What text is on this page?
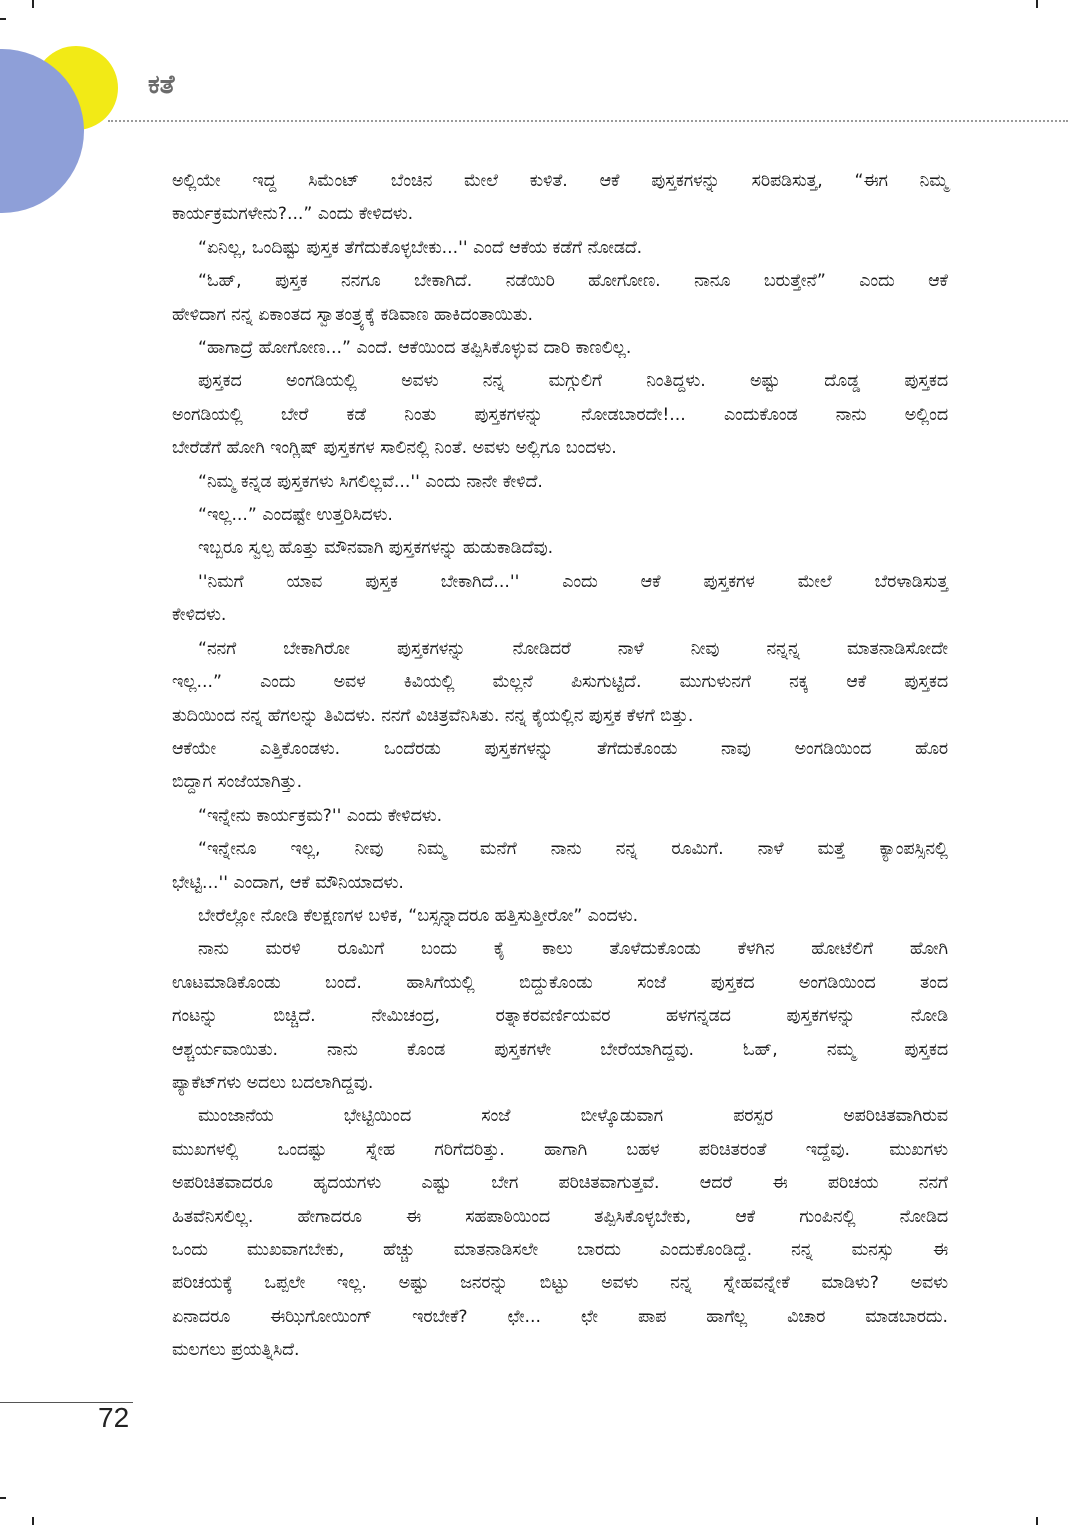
ಕತೆ
ಅಲ್ಲಿಯೇ ಇದ್ದ ಸಿಮೆಂಟ್ ಬೆಂಚಿನ ಮೇಲೆ ಕುಳಿತೆ. ಆಕೆ ಪುಸ್ತಕಗಳನ್ನು ಸರಿಪಡಿಸುತ್ತ, “ಈಗ ನಿಮ್ಮ
ಕಾರ್ಯಕ್ರಮಗಳೇನು?...” ಎಂದು ಕೇಳಿದಳು.
“ಏನಿಲ್ಲ, ಒಂದಿಷ್ಟು ಪುಸ್ತಕ ತೆಗೆದುಕೊಳ್ಳಬೇಕು...'' ಎಂದೆ ಆಕೆಯ ಕಡೆಗೆ ನೋಡದೆ.
“ಓಹ್, ಪುಸ್ತಕ ನನಗೂ ಬೇಕಾಗಿದೆ. ನಡೆಯಿರಿ ಹೋಗೋಣ. ನಾನೂ ಬರುತ್ತೇನೆ” ಎಂದು ಆಕೆ
ಹೇಳಿದಾಗ ನನ್ನ ಏಕಾಂತದ ಸ್ವಾತಂತ್ರ್ಯಕ್ಕೆ ಕಡಿವಾಣ ಹಾಕಿದಂತಾಯಿತು.
“ಹಾಗಾದ್ರೆ ಹೋಗೋಣ...” ಎಂದೆ. ಆಕೆಯಿಂದ ತಪ್ಪಿಸಿಕೊಳ್ಳುವ ದಾರಿ ಕಾಣಲಿಲ್ಲ.
ಪುಸ್ತಕದ ಅಂಗಡಿಯಲ್ಲಿ ಅವಳು ನನ್ನ ಮಗ್ಗುಲಿಗೆ ನಿಂತಿದ್ದಳು. ಅಷ್ಟು ದೊಡ್ಡ ಪುಸ್ತಕದ
ಅಂಗಡಿಯಲ್ಲಿ ಬೇರೆ ಕಡೆ ನಿಂತು ಪುಸ್ತಕಗಳನ್ನು ನೋಡಬಾರದೇ!... ಎಂದುಕೊಂಡ ನಾನು ಅಲ್ಲಿಂದ
ಬೇರೆಡೆಗೆ ಹೋಗಿ ಇಂಗ್ಲಿಷ್ ಪುಸ್ತಕಗಳ ಸಾಲಿನಲ್ಲಿ ನಿಂತೆ. ಅವಳು ಅಲ್ಲಿಗೂ ಬಂದಳು.
“ನಿಮ್ಮ ಕನ್ನಡ ಪುಸ್ತಕಗಳು ಸಿಗಲಿಲ್ಲವೆ...'' ಎಂದು ನಾನೇ ಕೇಳಿದೆ.
“ಇಲ್ಲ...” ಎಂದಷ್ಟೇ ಉತ್ತರಿಸಿದಳು.
ಇಬ್ಬರೂ ಸ್ವಲ್ಪ ಹೊತ್ತು ಮೌನವಾಗಿ ಪುಸ್ತಕಗಳನ್ನು ಹುಡುಕಾಡಿದೆವು.
''ನಿಮಗೆ ಯಾವ ಪುಸ್ತಕ ಬೇಕಾಗಿದೆ...'' ಎಂದು ಆಕೆ ಪುಸ್ತಕಗಳ ಮೇಲೆ ಬೆರಳಾಡಿಸುತ್ತ
ಕೇಳಿದಳು.
“ನನಗೆ ಬೇಕಾಗಿರೋ ಪುಸ್ತಕಗಳನ್ನು ನೋಡಿದರೆ ನಾಳೆ ನೀವು ನನ್ನನ್ನ ಮಾತನಾಡಿಸೋದೇ
ಇಲ್ಲ...” ಎಂದು ಅವಳ ಕಿವಿಯಲ್ಲಿ ಮೆಲ್ಲನೆ ಪಿಸುಗುಟ್ಟಿದೆ. ಮುಗುಳುನಗೆ ನಕ್ಕ ಆಕೆ ಪುಸ್ತಕದ
ತುದಿಯಿಂದ ನನ್ನ ಹೆಗಲನ್ನು ತಿವಿದಳು. ನನಗೆ ವಿಚಿತ್ರವೆನಿಸಿತು. ನನ್ನ ಕೈಯಲ್ಲಿನ ಪುಸ್ತಕ ಕೆಳಗೆ ಬಿತ್ತು.
ಆಕೆಯೇ ಎತ್ತಿಕೊಂಡಳು. ಒಂದೆರಡು ಪುಸ್ತಕಗಳನ್ನು ತೆಗೆದುಕೊಂಡು ನಾವು ಅಂಗಡಿಯಿಂದ ಹೊರ
ಬಿದ್ದಾಗ ಸಂಜೆಯಾಗಿತ್ತು.
“ಇನ್ನೇನು ಕಾರ್ಯಕ್ರಮ?'' ಎಂದು ಕೇಳಿದಳು.
“ಇನ್ನೇನೂ ಇಲ್ಲ, ನೀವು ನಿಮ್ಮ ಮನೆಗೆ ನಾನು ನನ್ನ ರೂಮಿಗೆ. ನಾಳೆ ಮತ್ತೆ ಕ್ಯಾಂಪಸ್ಸಿನಲ್ಲಿ
ಭೇಟ್ಟಿ...'' ಎಂದಾಗ, ಆಕೆ ಮೌನಿಯಾದಳು.
ಬೇರೆಲ್ಲೋ ನೋಡಿ ಕೆಲಕ್ಷಣಗಳ ಬಳಿಕ, “ಬಸ್ಸನ್ನಾದರೂ ಹತ್ತಿಸುತ್ತೀರೋ” ಎಂದಳು.
ನಾನು ಮರಳಿ ರೂಮಿಗೆ ಬಂದು ಕೈ ಕಾಲು ತೊಳೆದುಕೊಂಡು ಕೆಳಗಿನ ಹೋಟೆಲಿಗೆ ಹೋಗಿ
ಊಟಮಾಡಿಕೊಂಡು ಬಂದೆ. ಹಾಸಿಗೆಯಲ್ಲಿ ಬಿದ್ದುಕೊಂಡು ಸಂಜೆ ಪುಸ್ತಕದ ಅಂಗಡಿಯಿಂದ ತಂದ
ಗಂಟನ್ನು ಬಿಚ್ಚಿದೆ. ನೇಮಿಚಂದ್ರ, ರತ್ನಾಕರವರ್ಣಿಯವರ ಹಳಗನ್ನಡದ ಪುಸ್ತಕಗಳನ್ನು ನೋಡಿ
ಆಶ್ಚರ್ಯವಾಯಿತು. ನಾನು ಕೊಂಡ ಪುಸ್ತಕಗಳೇ ಬೇರೆಯಾಗಿದ್ದವು. ಓಹ್, ನಮ್ಮ ಪುಸ್ತಕದ
ಪ್ಯಾಕೆಟ್‌ಗಳು ಅದಲು ಬದಲಾಗಿದ್ದವು.
ಮುಂಜಾನೆಯ ಭೇಟ್ಟಿಯಿಂದ ಸಂಜೆ ಬೀಳ್ಕೊಡುವಾಗ ಪರಸ್ಪರ ಅಪರಿಚಿತವಾಗಿರುವ
ಮುಖಗಳಲ್ಲಿ ಒಂದಷ್ಟು ಸ್ನೇಹ ಗರಿಗೆದರಿತ್ತು. ಹಾಗಾಗಿ ಬಹಳ ಪರಿಚಿತರಂತೆ ಇದ್ದೆವು. ಮುಖಗಳು
ಅಪರಿಚಿತವಾದರೂ ಹೃದಯಗಳು ಎಷ್ಟು ಬೇಗ ಪರಿಚಿತವಾಗುತ್ತವೆ. ಆದರೆ ಈ ಪರಿಚಯ ನನಗೆ
ಹಿತವೆನಿಸಲಿಲ್ಲ. ಹೇಗಾದರೂ ಈ ಸಹಪಾಠಿಯಿಂದ ತಪ್ಪಿಸಿಕೊಳ್ಳಬೇಕು, ಆಕೆ ಗುಂಪಿನಲ್ಲಿ ನೋಡಿದ
ಒಂದು ಮುಖವಾಗಬೇಕು, ಹೆಚ್ಚು ಮಾತನಾಡಿಸಲೇ ಬಾರದು ಎಂದುಕೊಂಡಿದ್ದೆ. ನನ್ನ ಮನಸ್ಸು ಈ
ಪರಿಚಯಕ್ಕೆ ಒಪ್ಪಲೇ ಇಲ್ಲ. ಅಷ್ಟು ಜನರನ್ನು ಬಿಟ್ಟು ಅವಳು ನನ್ನ ಸ್ನೇಹವನ್ನೇಕೆ ಮಾಡಿಳು? ಅವಳು
ಏನಾದರೂ ಈಝಿಗೋಯಿಂಗ್ ಇರಬೇಕೆ? ಛೇ... ಛೇ ಪಾಪ ಹಾಗೆಲ್ಲ ವಿಚಾರ ಮಾಡಬಾರದು.
ಮಲಗಲು ಪ್ರಯತ್ನಿಸಿದೆ.
72
